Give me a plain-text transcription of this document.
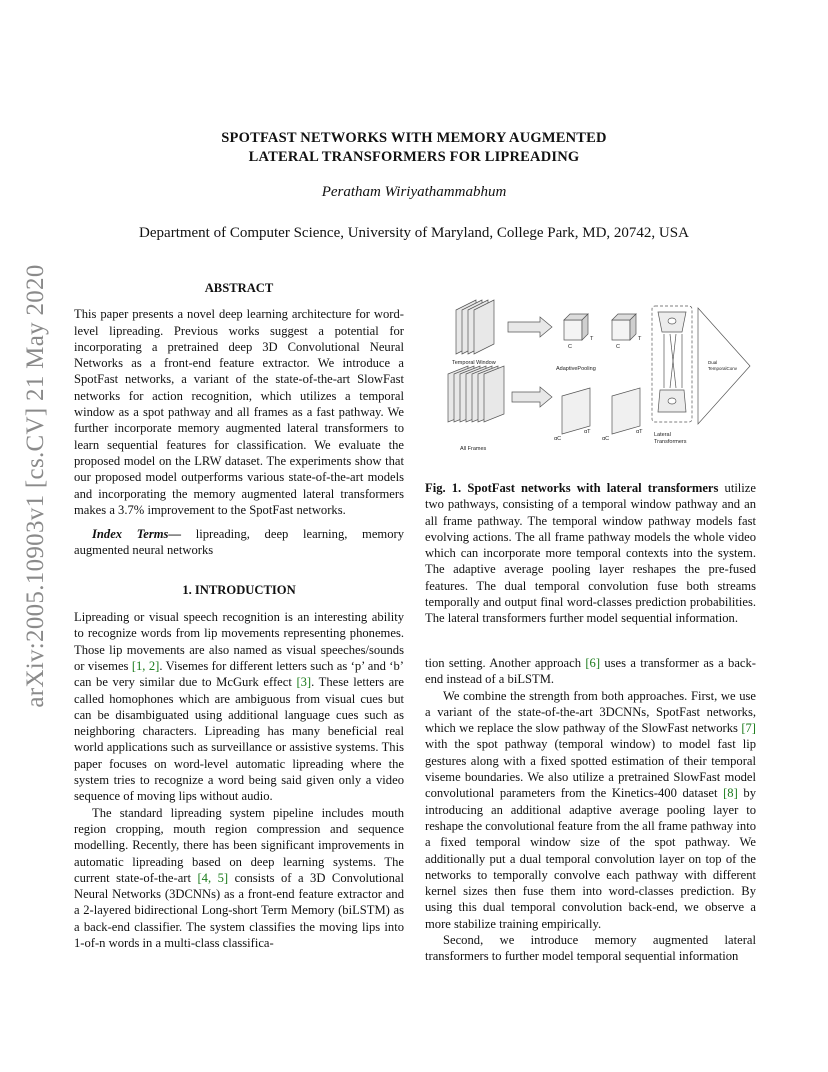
arXiv:2005.10903v1 [cs.CV] 21 May 2020
SPOTFAST NETWORKS WITH MEMORY AUGMENTED
LATERAL TRANSFORMERS FOR LIPREADING
Peratham Wiriyathammabhum
Department of Computer Science, University of Maryland, College Park, MD, 20742, USA
ABSTRACT

This paper presents a novel deep learning architecture for word-level lipreading. Previous works suggest a potential for incorporating a pretrained deep 3D Convolutional Neural Networks as a front-end feature extractor. We introduce a SpotFast networks, a variant of the state-of-the-art SlowFast networks for action recognition, which utilizes a temporal window as a spot pathway and all frames as a fast pathway. We further incorporate memory augmented lateral transformers to learn sequential features for classification. We evaluate the proposed model on the LRW dataset. The experiments show that our proposed model outperforms various state-of-the-art models and incorporating the memory augmented lateral transformers makes a 3.7% improvement to the SpotFast networks.

Index Terms— lipreading, deep learning, memory augmented neural networks

1. INTRODUCTION

Lipreading or visual speech recognition is an interesting ability to recognize words from lip movements representing phonemes. Those lip movements are also named as visual speeches/sounds or visemes [1, 2]. Visemes for different letters such as ‘p’ and ‘b’ can be very similar due to McGurk effect [3]. These letters are called homophones which are ambiguous from visual cues but can be disambiguated using additional language cues such as neighboring characters. Lipreading has many beneficial real world applications such as surveillance or assistive systems. This paper focuses on word-level automatic lipreading where the system tries to recognize a word being said given only a video sequence of moving lips without audio.

The standard lipreading system pipeline includes mouth region cropping, mouth region compression and sequence modelling. Recently, there has been significant improvements in automatic lipreading based on deep learning systems. The current state-of-the-art [4, 5] consists of a 3D Convolutional Neural Networks (3DCNNs) as a front-end feature extractor and a 2-layered bidirectional Long-short Term Memory (biLSTM) as a back-end classifier. The system classifies the moving lips into 1-of-n words in a multi-class classifica-

Temporal Window
All Frames
AdaptivePooling
C
T
C
T
αC
αT
αC
αT Lateral
Transformers
Dual
TemporalConv

Fig. 1. SpotFast networks with lateral transformers utilize two pathways, consisting of a temporal window pathway and an all frame pathway. The temporal window pathway models fast evolving actions. The all frame pathway models the whole video which can incorporate more temporal contexts into the system. The adaptive average pooling layer reshapes the pre-fused features. The dual temporal convolution fuse both streams temporally and output final word-classes prediction probabilities. The lateral transformers further model sequential information.

tion setting. Another approach [6] uses a transformer as a back-end instead of a biLSTM.

We combine the strength from both approaches. First, we use a variant of the state-of-the-art 3DCNNs, SpotFast networks, which we replace the slow pathway of the SlowFast networks [7] with the spot pathway (temporal window) to model fast lip gestures along with a fixed spotted estimation of their temporal viseme boundaries. We also utilize a pretrained SlowFast model convolutional parameters from the Kinetics-400 dataset [8] by introducing an additional adaptive average pooling layer to reshape the convolutional feature from the all frame pathway into a fixed temporal window size of the spot pathway. We additionally put a dual temporal convolution layer on top of the networks to temporally convolve each pathway with different kernel sizes then fuse them into word-classes prediction. By using this dual temporal convolution back-end, we observe a more stabilize training empirically.

Second, we introduce memory augmented lateral transformers to further model temporal sequential information
